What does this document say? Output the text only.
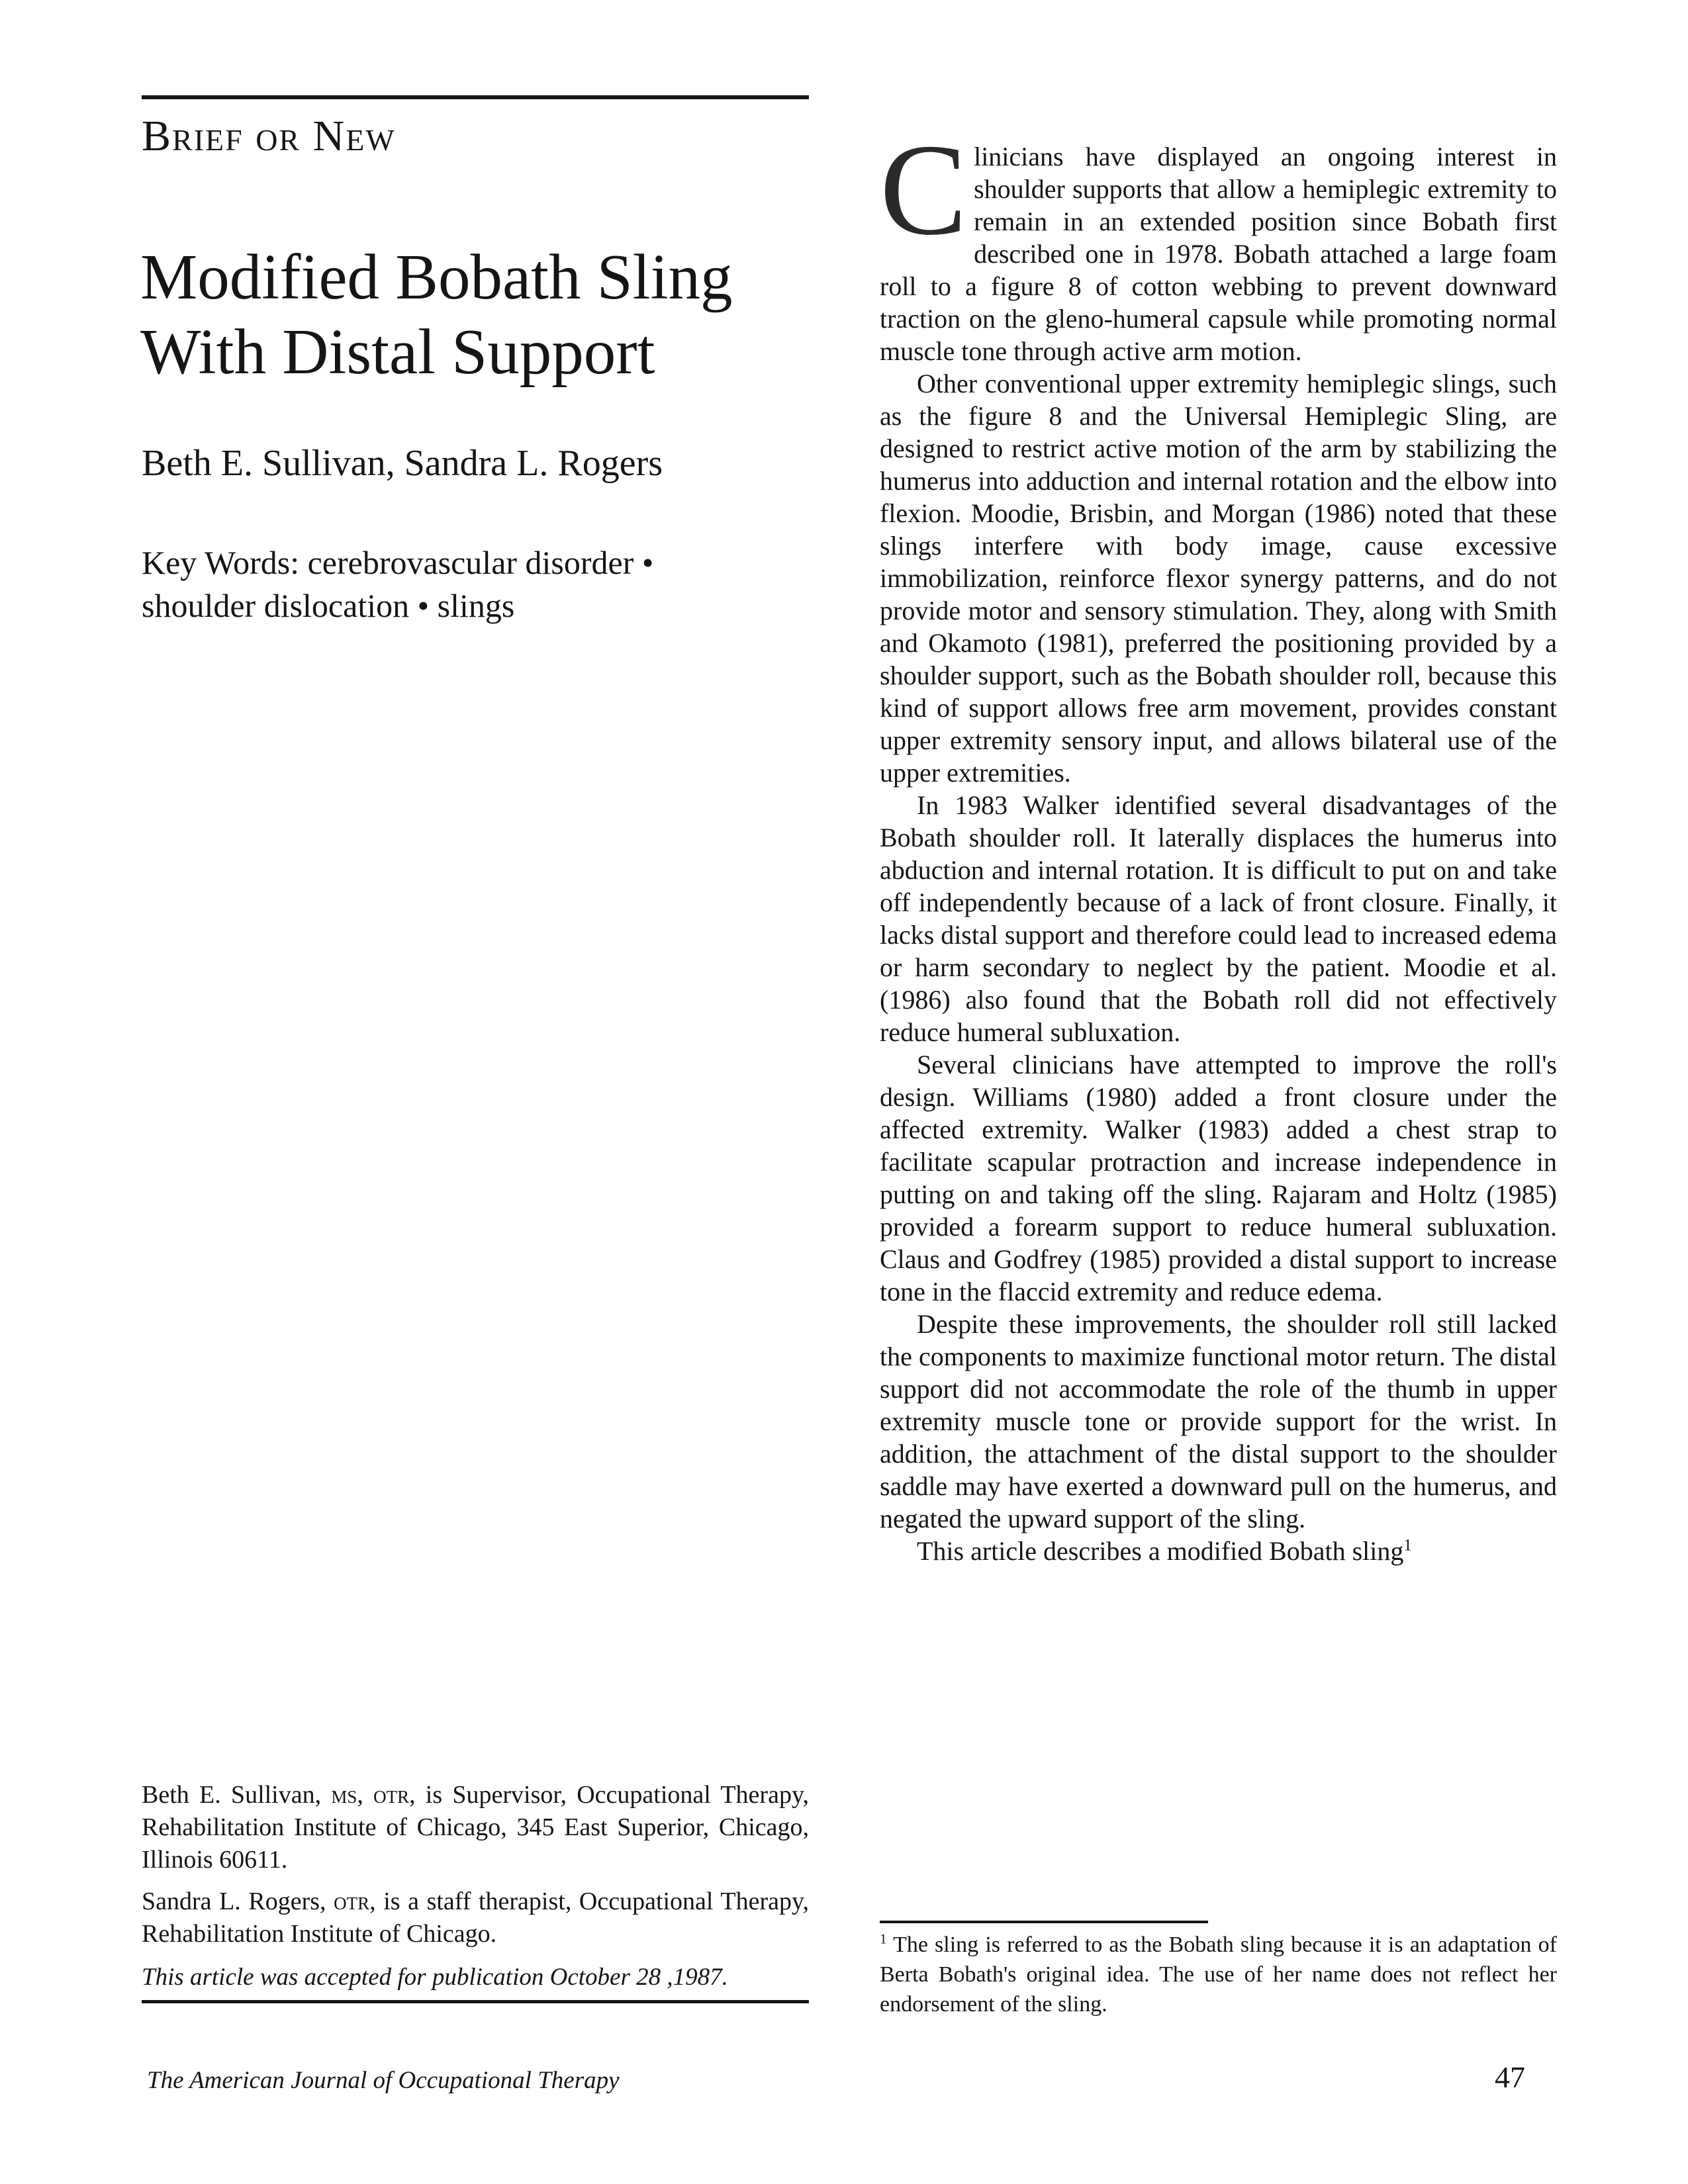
Brief or New
Modified Bobath Sling
With Distal Support
Beth E. Sullivan, Sandra L. Rogers
Key Words: cerebrovascular disorder • shoulder dislocation • slings

Beth E. Sullivan, ms, otr, is Supervisor, Occupational Therapy, Rehabilitation Institute of Chicago, 345 East Superior, Chicago, Illinois 60611.

Sandra L. Rogers, otr, is a staff therapist, Occupational Therapy, Rehabilitation Institute of Chicago.

This article was accepted for publication October 28 ,1987.
The American Journal of Occupational Therapy

Clinicians have displayed an ongoing interest in shoulder supports that allow a hemiplegic extremity to remain in an extended position since Bobath first described one in 1978. Bobath attached a large foam roll to a figure 8 of cotton webbing to prevent downward traction on the gleno-humeral capsule while promoting normal muscle tone through active arm motion.

Other conventional upper extremity hemiplegic slings, such as the figure 8 and the Universal Hemiplegic Sling, are designed to restrict active motion of the arm by stabilizing the humerus into adduction and internal rotation and the elbow into flexion. Moodie, Brisbin, and Morgan (1986) noted that these slings interfere with body image, cause excessive immobilization, reinforce flexor synergy patterns, and do not provide motor and sensory stimulation. They, along with Smith and Okamoto (1981), preferred the positioning provided by a shoulder support, such as the Bobath shoulder roll, because this kind of support allows free arm movement, provides constant upper extremity sensory input, and allows bilateral use of the upper extremities.

In 1983 Walker identified several disadvantages of the Bobath shoulder roll. It laterally displaces the humerus into abduction and internal rotation. It is difficult to put on and take off independently because of a lack of front closure. Finally, it lacks distal support and therefore could lead to increased edema or harm secondary to neglect by the patient. Moodie et al. (1986) also found that the Bobath roll did not effectively reduce humeral subluxation.

Several clinicians have attempted to improve the roll's design. Williams (1980) added a front closure under the affected extremity. Walker (1983) added a chest strap to facilitate scapular protraction and increase independence in putting on and taking off the sling. Rajaram and Holtz (1985) provided a forearm support to reduce humeral subluxation. Claus and Godfrey (1985) provided a distal support to increase tone in the flaccid extremity and reduce edema.

Despite these improvements, the shoulder roll still lacked the components to maximize functional motor return. The distal support did not accommodate the role of the thumb in upper extremity muscle tone or provide support for the wrist. In addition, the attachment of the distal support to the shoulder saddle may have exerted a downward pull on the humerus, and negated the upward support of the sling.

This article describes a modified Bobath sling$^1$

$^1$ The sling is referred to as the Bobath sling because it is an adaptation of Berta Bobath's original idea. The use of her name does not reflect her endorsement of the sling.
47
